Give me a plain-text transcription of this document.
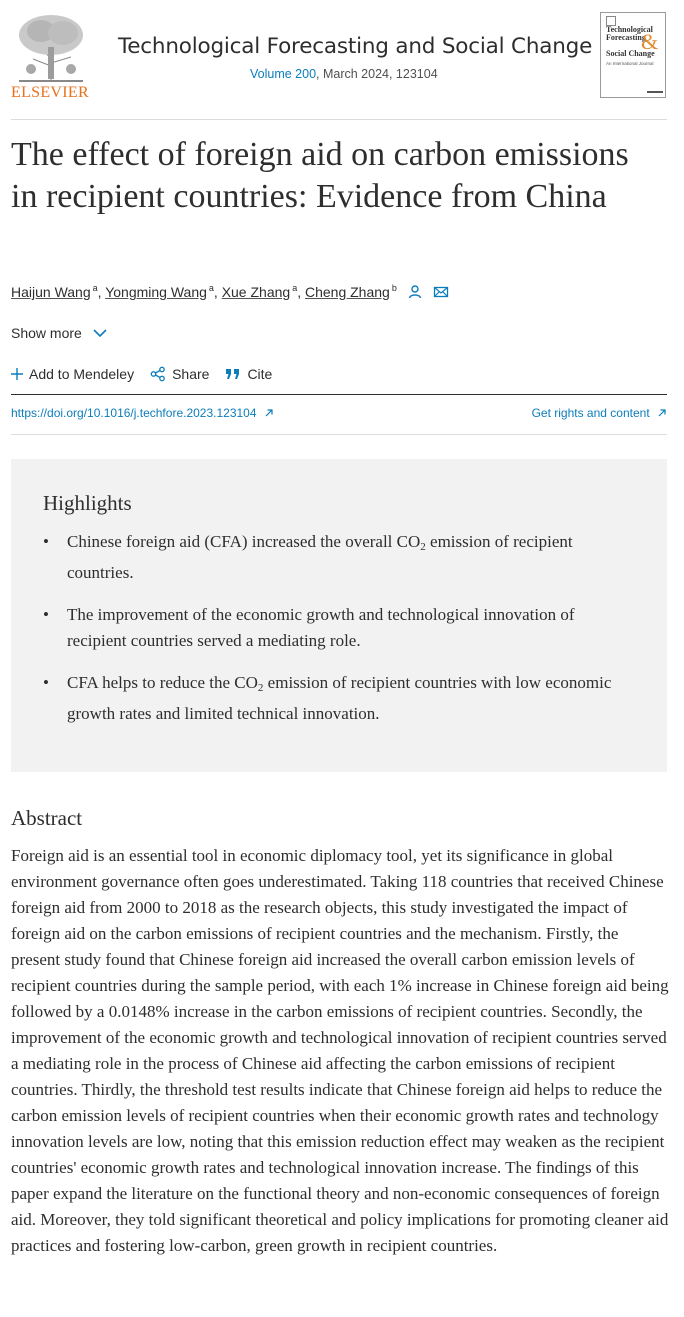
ELSEVIER
Technological Forecasting and Social Change
Volume 200, March 2024, 123104
Technological
Forecasting

Social Change
&
An International Journal
The effect of foreign aid on carbon emissions in recipient countries: Evidence from China
Haijun Wang $^a$, Yongming Wang $^a$, Xue Zhang $^a$, Cheng Zhang $^b$
Show more
Add to Mendeley	Share	Cite
https://doi.org/10.1016/j.techfore.2023.123104	Get rights and content
Highlights
• Chinese foreign aid (CFA) increased the overall $CO_2$ emission of recipient countries.
• The improvement of the economic growth and technological innovation of recipient countries served a mediating role.
• CFA helps to reduce the $CO_2$ emission of recipient countries with low economic growth rates and limited technical innovation.
Abstract

Foreign aid is an essential tool in economic diplomacy tool, yet its significance in global environment governance often goes underestimated. Taking 118 countries that received Chinese foreign aid from 2000 to 2018 as the research objects, this study investigated the impact of foreign aid on the carbon emissions of recipient countries and the mechanism. Firstly, the present study found that Chinese foreign aid increased the overall carbon emission levels of recipient countries during the sample period, with each 1% increase in Chinese foreign aid being followed by a 0.0148% increase in the carbon emissions of recipient countries. Secondly, the improvement of the economic growth and technological innovation of recipient countries served a mediating role in the process of Chinese aid affecting the carbon emissions of recipient countries. Thirdly, the threshold test results indicate that Chinese foreign aid helps to reduce the carbon emission levels of recipient countries when their economic growth rates and technology innovation levels are low, noting that this emission reduction effect may weaken as the recipient countries' economic growth rates and technological innovation increase. The findings of this paper expand the literature on the functional theory and non-economic consequences of foreign aid. Moreover, they told significant theoretical and policy implications for promoting cleaner aid practices and fostering low-carbon, green growth in recipient countries.
